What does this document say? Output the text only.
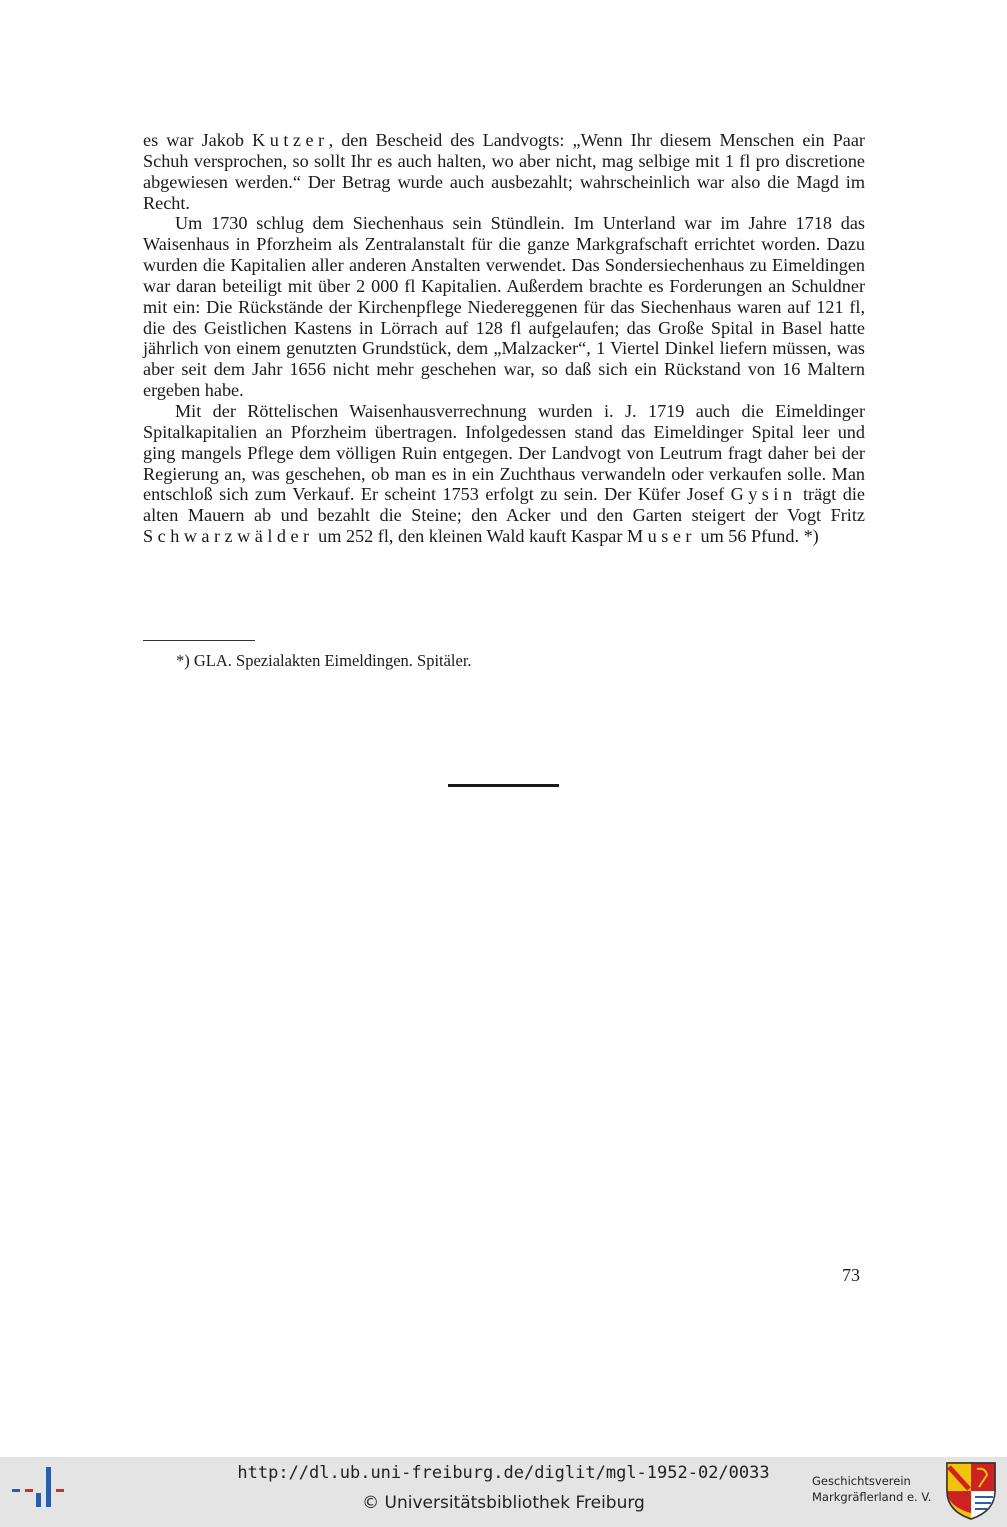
es war Jakob Kutzer, den Bescheid des Landvogts: „Wenn Ihr diesem Menschen ein Paar Schuh versprochen, so sollt Ihr es auch halten, wo aber nicht, mag selbige mit 1 fl pro discretione abgewiesen werden.“ Der Betrag wurde auch ausbezahlt; wahrscheinlich war also die Magd im Recht.

Um 1730 schlug dem Siechenhaus sein Stündlein. Im Unterland war im Jahre 1718 das Waisenhaus in Pforzheim als Zentralanstalt für die ganze Markgrafschaft errichtet worden. Dazu wurden die Kapitalien aller anderen Anstalten verwendet. Das Sondersiechenhaus zu Eimeldingen war daran beteiligt mit über 2 000 fl Kapitalien. Außerdem brachte es Forderungen an Schuldner mit ein: Die Rückstände der Kirchenpflege Niedereggenen für das Siechenhaus waren auf 121 fl, die des Geistlichen Kastens in Lörrach auf 128 fl aufgelaufen; das Große Spital in Basel hatte jährlich von einem genutzten Grundstück, dem „Malzacker“, 1 Viertel Dinkel liefern müssen, was aber seit dem Jahr 1656 nicht mehr geschehen war, so daß sich ein Rückstand von 16 Maltern ergeben habe.

Mit der Röttelischen Waisenhausverrechnung wurden i. J. 1719 auch die Eimeldinger Spitalkapitalien an Pforzheim übertragen. Infolgedessen stand das Eimeldinger Spital leer und ging mangels Pflege dem völligen Ruin entgegen. Der Landvogt von Leutrum fragt daher bei der Regierung an, was geschehen, ob man es in ein Zuchthaus verwandeln oder verkaufen solle. Man entschloß sich zum Verkauf. Er scheint 1753 erfolgt zu sein. Der Küfer Josef Gysin trägt die alten Mauern ab und bezahlt die Steine; den Acker und den Garten steigert der Vogt Fritz Schwarzwälder um 252 fl, den kleinen Wald kauft Kaspar Muser um 56 Pfund. *)

*) GLA. Spezialakten Eimeldingen. Spitäler.
73
http://dl.ub.uni-freiburg.de/diglit/mgl-1952-02/0033
© Universitätsbibliothek Freiburg
Geschichtsverein
Markgräflerland e. V.
